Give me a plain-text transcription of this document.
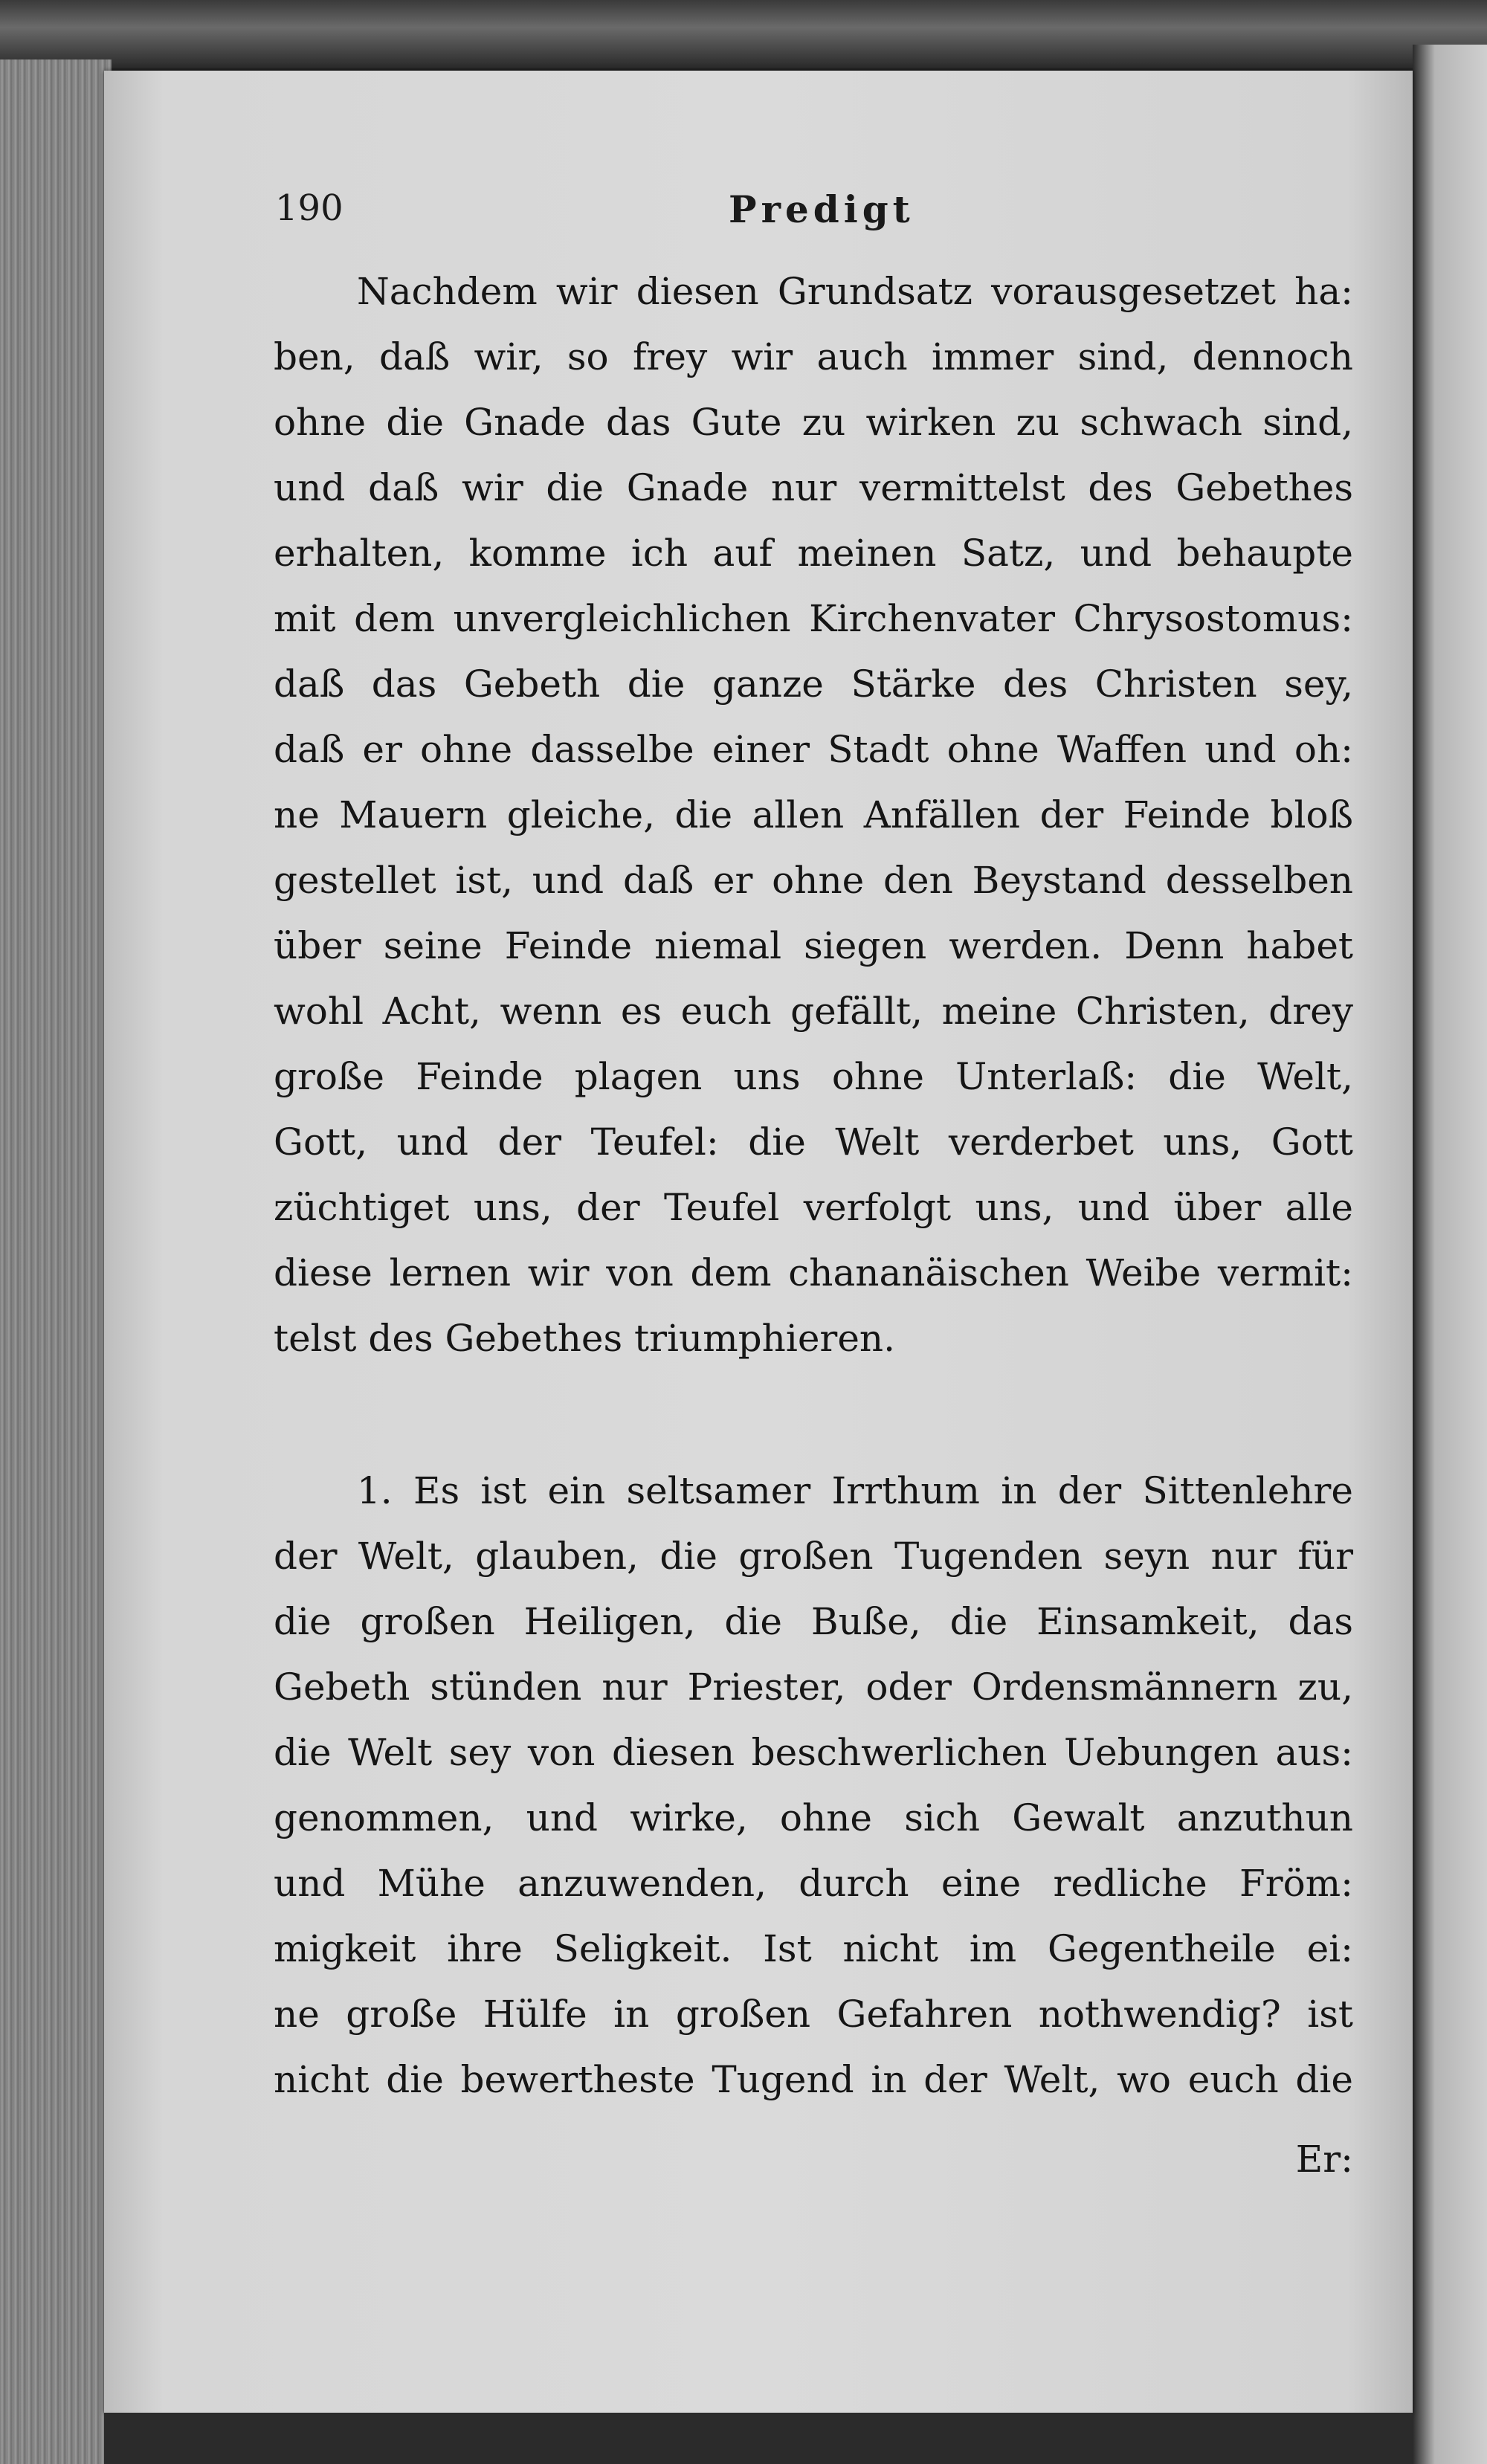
190	Predigt
Nachdem wir diesen Grundsatz vorausgesetzet ha:
ben, daß wir, so frey wir auch immer sind, dennoch
ohne die Gnade das Gute zu wirken zu schwach sind,
und daß wir die Gnade nur vermittelst des Gebethes
erhalten, komme ich auf meinen Satz, und behaupte
mit dem unvergleichlichen Kirchenvater Chrysostomus:
daß das Gebeth die ganze Stärke des Christen sey,
daß er ohne dasselbe einer Stadt ohne Waffen und oh:
ne Mauern gleiche, die allen Anfällen der Feinde bloß
gestellet ist, und daß er ohne den Beystand desselben
über seine Feinde niemal siegen werden. Denn habet
wohl Acht, wenn es euch gefällt, meine Christen, drey
große Feinde plagen uns ohne Unterlaß: die Welt,
Gott, und der Teufel: die Welt verderbet uns, Gott
züchtiget uns, der Teufel verfolgt uns, und über alle
diese lernen wir von dem chananäischen Weibe vermit:
telst des Gebethes triumphieren.
1. Es ist ein seltsamer Irrthum in der Sittenlehre
der Welt, glauben, die großen Tugenden seyn nur für
die großen Heiligen, die Buße, die Einsamkeit, das
Gebeth stünden nur Priester, oder Ordensmännern zu,
die Welt sey von diesen beschwerlichen Uebungen aus:
genommen, und wirke, ohne sich Gewalt anzuthun
und Mühe anzuwenden, durch eine redliche Fröm:
migkeit ihre Seligkeit. Ist nicht im Gegentheile ei:
ne große Hülfe in großen Gefahren nothwendig? ist
nicht die bewertheste Tugend in der Welt, wo euch die
Er:
